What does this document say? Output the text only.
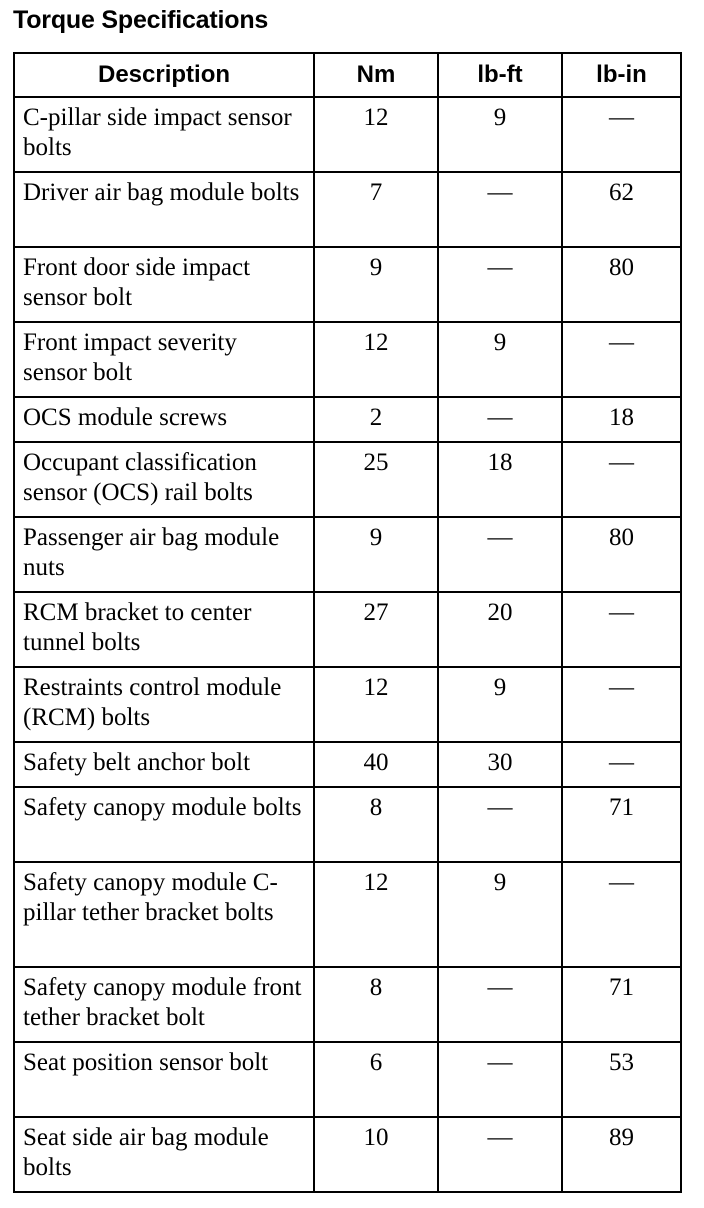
Torque Specifications
Description	Nm	lb-ft	lb-in
C-pillar side impact sensor bolts	12	9	—
Driver air bag module bolts	7	—	62
Front door side impact sensor bolt	9	—	80
Front impact severity sensor bolt	12	9	—
OCS module screws	2	—	18
Occupant classification sensor (OCS) rail bolts	25	18	—
Passenger air bag module nuts	9	—	80
RCM bracket to center tunnel bolts	27	20	—
Restraints control module (RCM) bolts	12	9	—
Safety belt anchor bolt	40	30	—
Safety canopy module bolts	8	—	71
Safety canopy module C-pillar tether bracket bolts	12	9	—
Safety canopy module front tether bracket bolt	8	—	71
Seat position sensor bolt	6	—	53
Seat side air bag module bolts	10	—	89
